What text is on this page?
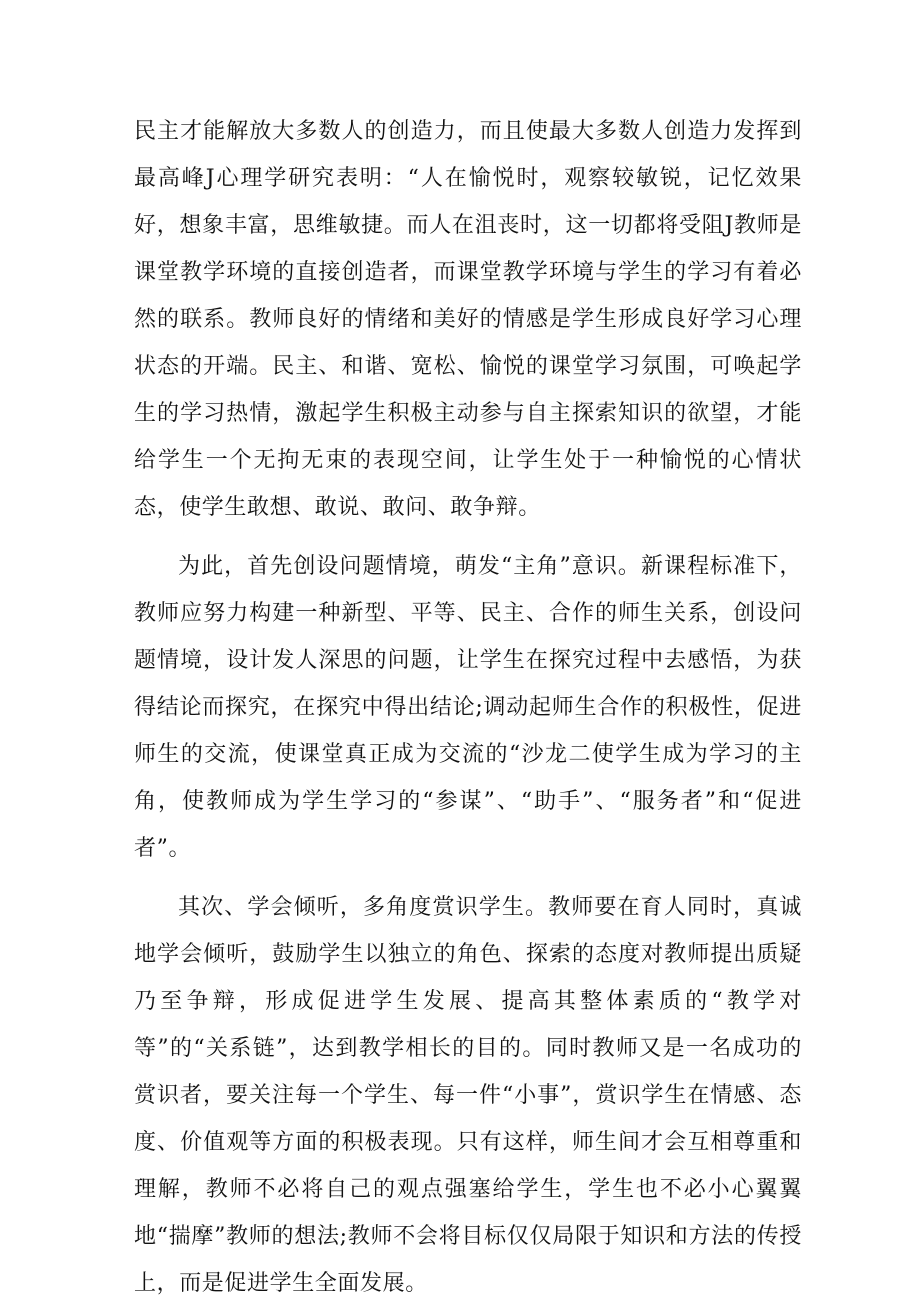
民主才能解放大多数人的创造力，而且使最大多数人创造力发挥到最高峰J心理学研究表明：“人在愉悦时，观察较敏锐，记忆效果好，想象丰富，思维敏捷。而人在沮丧时，这一切都将受阻J教师是课堂教学环境的直接创造者，而课堂教学环境与学生的学习有着必然的联系。教师良好的情绪和美好的情感是学生形成良好学习心理状态的开端。民主、和谐、宽松、愉悦的课堂学习氛围，可唤起学生的学习热情，激起学生积极主动参与自主探索知识的欲望，才能给学生一个无拘无束的表现空间，让学生处于一种愉悦的心情状态，使学生敢想、敢说、敢问、敢争辩。

为此，首先创设问题情境，萌发“主角”意识。新课程标准下，教师应努力构建一种新型、平等、民主、合作的师生关系，创设问题情境，设计发人深思的问题，让学生在探究过程中去感悟，为获得结论而探究，在探究中得出结论;调动起师生合作的积极性，促进师生的交流，使课堂真正成为交流的“沙龙二使学生成为学习的主角，使教师成为学生学习的“参谋”、“助手”、“服务者”和“促进者”。

其次、学会倾听，多角度赏识学生。教师要在育人同时，真诚地学会倾听，鼓励学生以独立的角色、探索的态度对教师提出质疑乃至争辩，形成促进学生发展、提高其整体素质的“教学对等”的“关系链”，达到教学相长的目的。同时教师又是一名成功的赏识者，要关注每一个学生、每一件“小事”，赏识学生在情感、态度、价值观等方面的积极表现。只有这样，师生间才会互相尊重和理解，教师不必将自己的观点强塞给学生，学生也不必小心翼翼地“揣摩”教师的想法;教师不会将目标仅仅局限于知识和方法的传授上，而是促进学生全面发展。
